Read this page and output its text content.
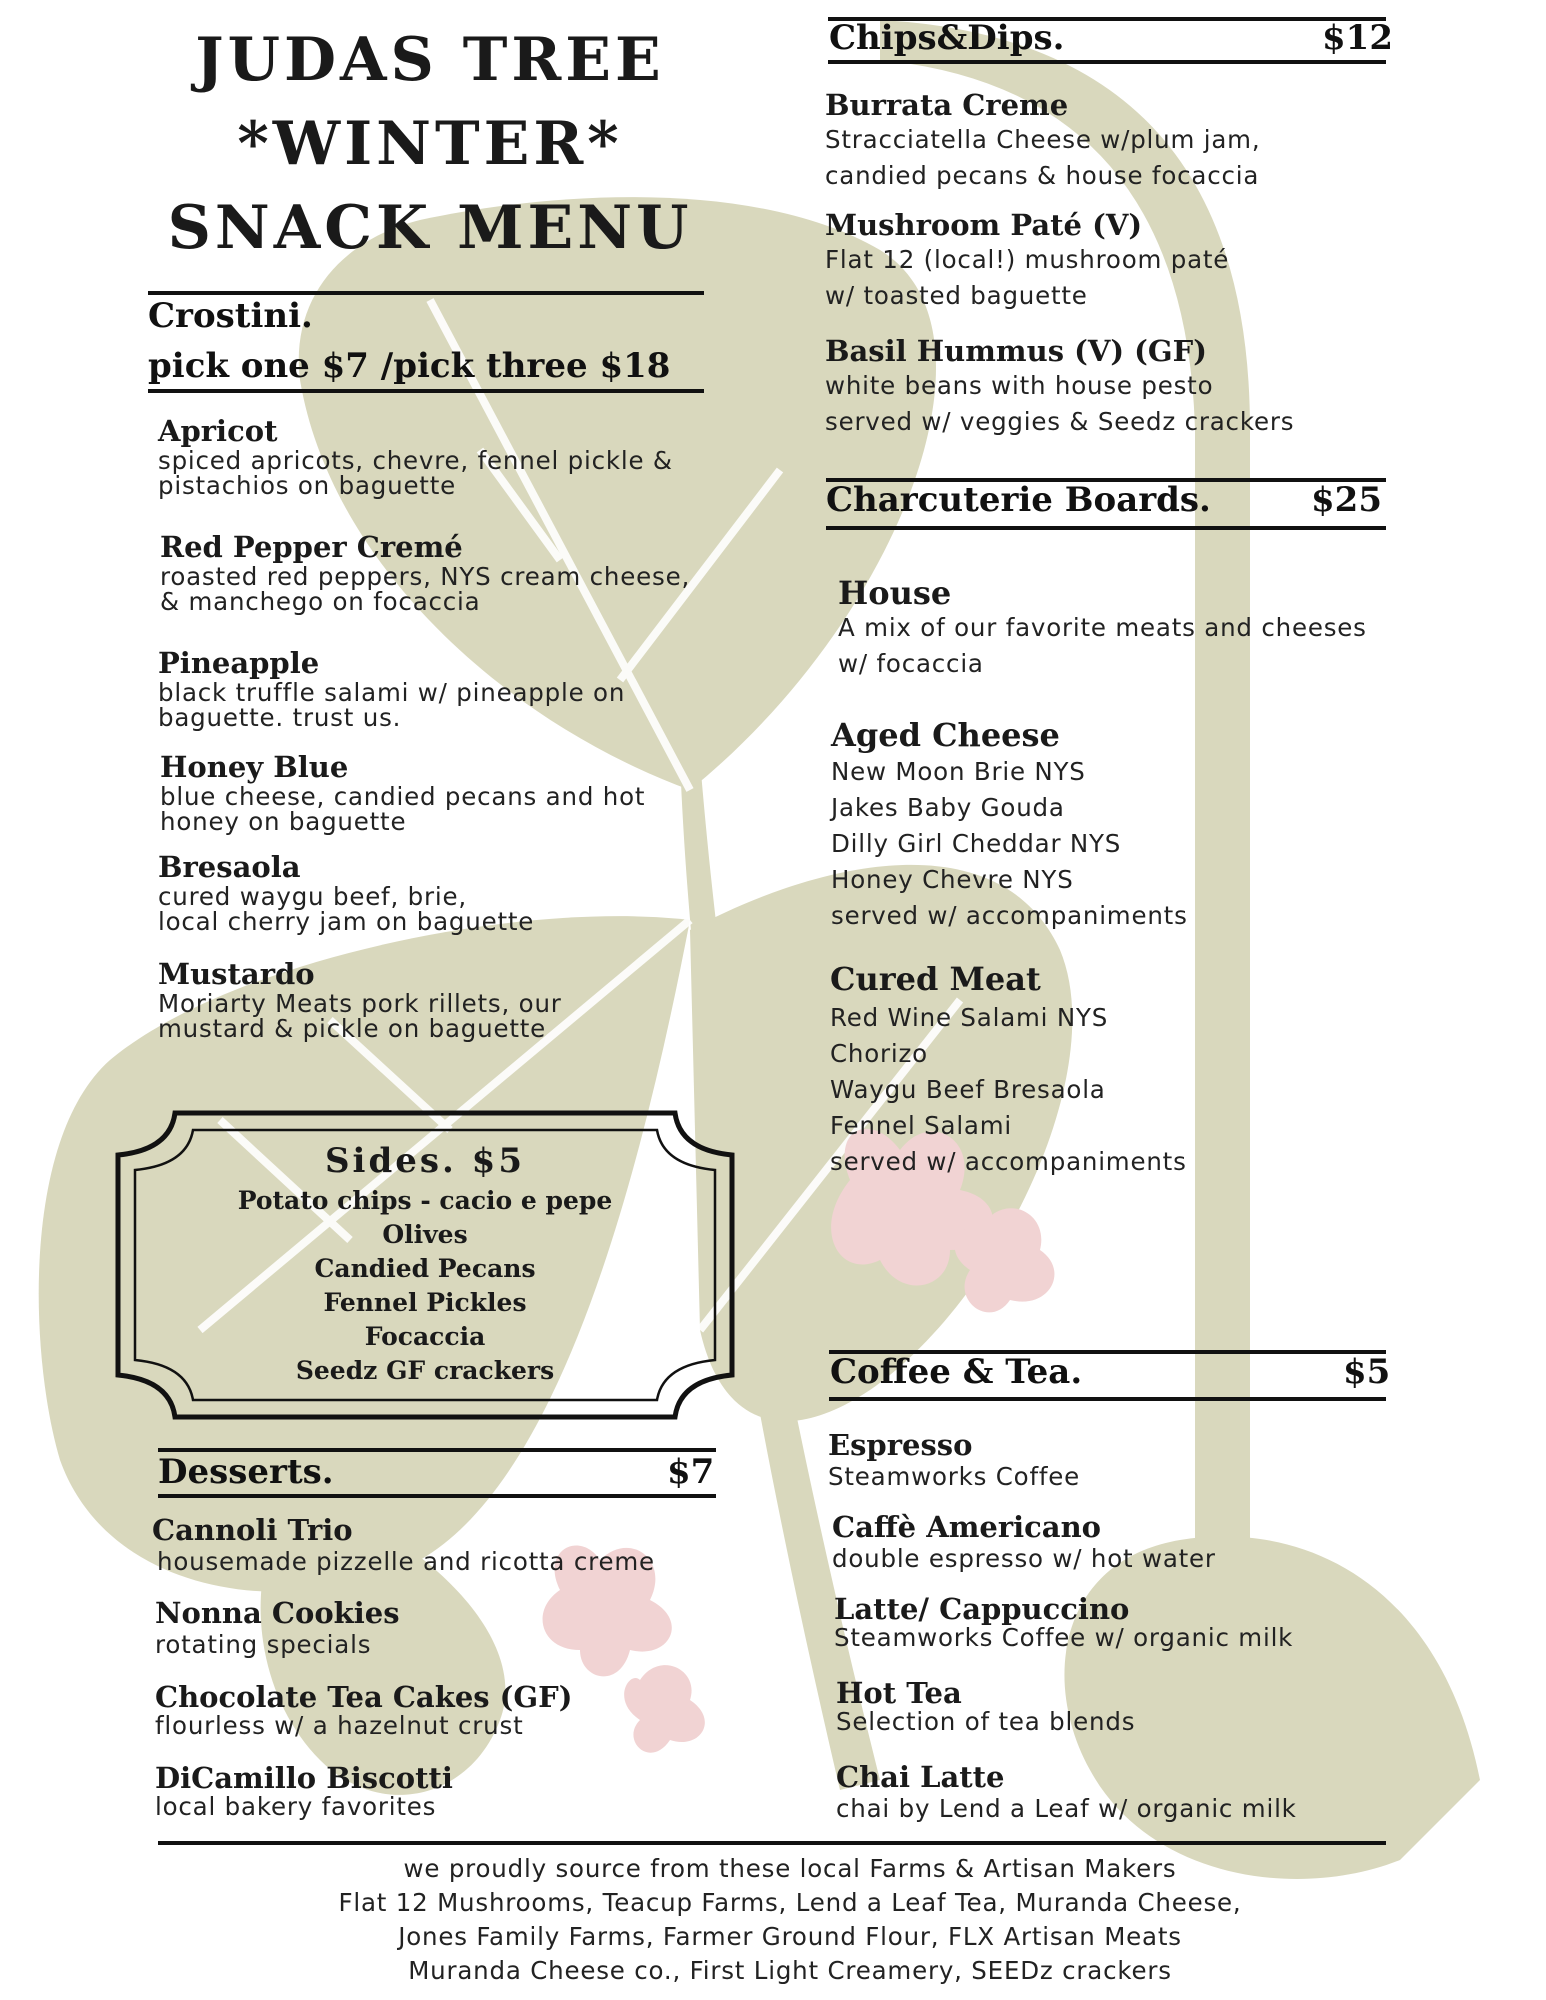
JUDAS TREE
*WINTER*
SNACK MENU
Crostini.
pick one $7 /pick three $18
Apricot
spiced apricots, chevre, fennel pickle &
pistachios on baguette
Red Pepper Cremé
roasted red peppers, NYS cream cheese,
& manchego on focaccia
Pineapple
black truffle salami w/ pineapple on
baguette. trust us.
Honey Blue
blue cheese, candied pecans and hot
honey on baguette
Bresaola
cured waygu beef, brie,
local cherry jam on baguette
Mustardo
Moriarty Meats pork rillets, our
mustard & pickle on baguette
Sides. $5
Potato chips - cacio e pepe
Olives
Candied Pecans
Fennel Pickles
Focaccia
Seedz GF crackers
Desserts.	$7
Cannoli Trio
housemade pizzelle and ricotta creme
Nonna Cookies
rotating specials
Chocolate Tea Cakes (GF)
flourless w/ a hazelnut crust
DiCamillo Biscotti
local bakery favorites
Chips&Dips.	$12
Burrata Creme
Stracciatella Cheese w/plum jam,
candied pecans & house focaccia
Mushroom Paté (V)
Flat 12 (local!) mushroom paté
w/ toasted baguette
Basil Hummus (V) (GF)
white beans with house pesto
served w/ veggies & Seedz crackers
Charcuterie Boards.	$25
House
A mix of our favorite meats and cheeses
w/ focaccia
Aged Cheese
New Moon Brie NYS
Jakes Baby Gouda
Dilly Girl Cheddar NYS
Honey Chevre NYS
served w/ accompaniments
Cured Meat
Red Wine Salami NYS
Chorizo
Waygu Beef Bresaola
Fennel Salami
served w/ accompaniments
Coffee & Tea.	$5
Espresso
Steamworks Coffee
Caffè Americano
double espresso w/ hot water
Latte/ Cappuccino
Steamworks Coffee w/ organic milk
Hot Tea
Selection of tea blends
Chai Latte
chai by Lend a Leaf w/ organic milk
we proudly source from these local Farms & Artisan Makers
Flat 12 Mushrooms, Teacup Farms, Lend a Leaf Tea, Muranda Cheese,
Jones Family Farms, Farmer Ground Flour, FLX Artisan Meats
Muranda Cheese co., First Light Creamery, SEEDz crackers
